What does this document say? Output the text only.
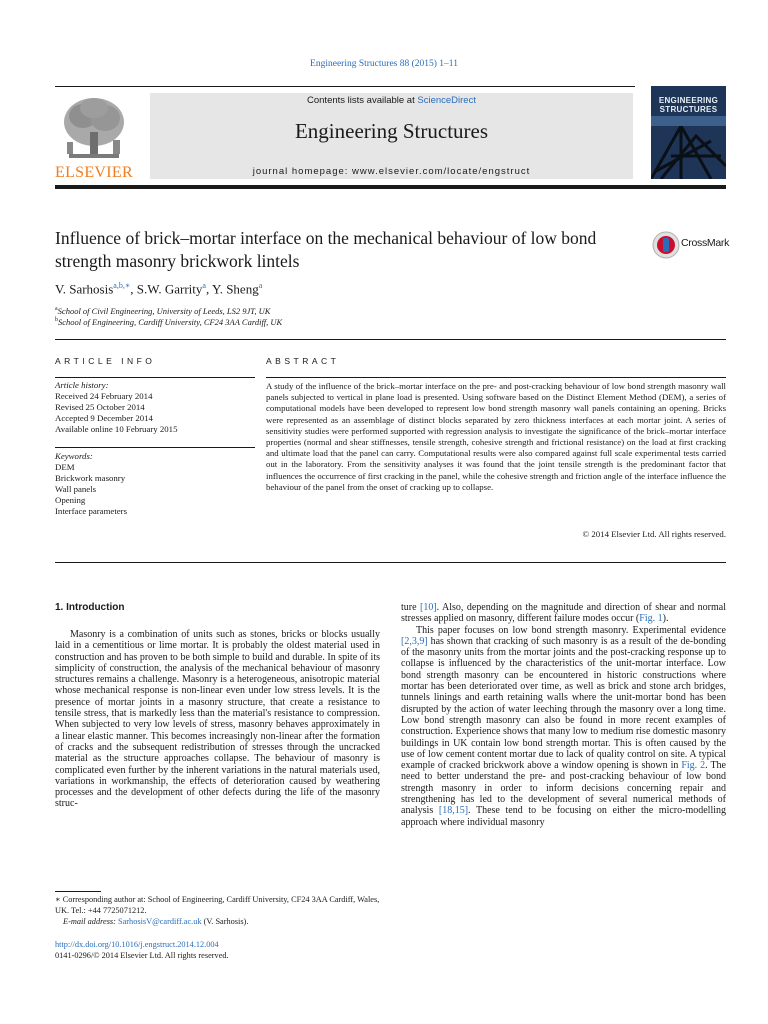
Engineering Structures 88 (2015) 1–11
ELSEVIER
Contents lists available at ScienceDirect
Engineering Structures
journal homepage: www.elsevier.com/locate/engstruct
ENGINEERING
STRUCTURES
Influence of brick–mortar interface on the mechanical behaviour of low bond strength masonry brickwork lintels
CrossMark
V. Sarhosis$^{a,b,∗}$, S.W. Garrity$^a$, Y. Sheng$^a$
$^a$School of Civil Engineering, University of Leeds, LS2 9JT, UK
$^b$School of Engineering, Cardiff University, CF24 3AA Cardiff, UK
ARTICLE INFO	ABSTRACT
Article history:
Received 24 February 2014
Revised 25 October 2014
Accepted 9 December 2014
Available online 10 February 2015
Keywords:
DEM
Brickwork masonry
Wall panels
Opening
Interface parameters
A study of the influence of the brick–mortar interface on the pre- and post-cracking behaviour of low bond strength masonry wall panels subjected to vertical in plane load is presented. Using software based on the Distinct Element Method (DEM), a series of computational models have been developed to represent low bond strength masonry wall panels containing an opening. Bricks were represented as an assemblage of distinct blocks separated by zero thickness interfaces at each mortar joint. A series of sensitivity studies were performed supported with regression analysis to investigate the significance of the brick–mortar interface properties (normal and shear stiffnesses, tensile strength, cohesive strength and frictional resistance) on the load at first cracking and ultimate load that the panel can carry. Computational results were also compared against full scale experimental tests carried out in the laboratory. From the sensitivity analyses it was found that the joint tensile strength is the predominant factor that influences the occurrence of first cracking in the panel, while the cohesive strength and friction angle of the interface influence the behaviour of the panel from the onset of cracking up to collapse.
© 2014 Elsevier Ltd. All rights reserved.
1. Introduction

Masonry is a combination of units such as stones, bricks or blocks usually laid in a cementitious or lime mortar. It is probably the oldest material used in construction and has proven to be both simple to build and durable. In spite of its simplicity of construction, the analysis of the mechanical behaviour of masonry structures remains a challenge. Masonry is a heterogeneous, anisotropic material whose mechanical response is non-linear even under low stress levels. It is the presence of mortar joints in a masonry structure, that create a resistance to tensile stress, that is markedly less than the material's resistance to compression. When subjected to very low levels of stress, masonry behaves approximately in a linear elastic manner. This becomes increasingly non-linear after the formation of cracks and the subsequent redistribution of stresses through the uncracked material as the structure approaches collapse. The behaviour of masonry is complicated even further by the inherent variations in the natural materials used, variations in workmanship, the effects of deterioration caused by weathering processes and the development of other defects during the life of the masonry struc-

ture [10]. Also, depending on the magnitude and direction of shear and normal stresses applied on masonry, different failure modes occur (Fig. 1).

This paper focuses on low bond strength masonry. Experimental evidence [2,3,9] has shown that cracking of such masonry is as a result of the de-bonding of the masonry units from the mortar joints and the post-cracking response up to collapse is influenced by the characteristics of the unit-mortar interface. Low bond strength masonry can be encountered in historic constructions where mortar has been deteriorated over time, as well as brick and stone arch bridges, tunnels linings and earth retaining walls where the unit-mortar bond has been disrupted by the action of water leeching through the masonry over a long time. Low bond strength masonry can also be found in more recent examples of construction. Experience shows that many low to medium rise domestic masonry buildings in UK contain low bond strength mortar. This is often caused by the use of low cement content mortar due to lack of quality control on site. A typical example of cracked brickwork above a window opening is shown in Fig. 2. The need to better understand the pre- and post-cracking behaviour of low bond strength masonry in order to inform decisions concerning repair and strengthening has led to the development of several numerical methods of analysis [18,15]. These tend to be focusing on either the micro-modelling approach where individual masonry

∗ Corresponding author at: School of Engineering, Cardiff University, CF24 3AA Cardiff, Wales, UK. Tel.: +44 7725071212.
E-mail address: SarhosisV@cardiff.ac.uk (V. Sarhosis).
http://dx.doi.org/10.1016/j.engstruct.2014.12.004
0141-0296/© 2014 Elsevier Ltd. All rights reserved.
